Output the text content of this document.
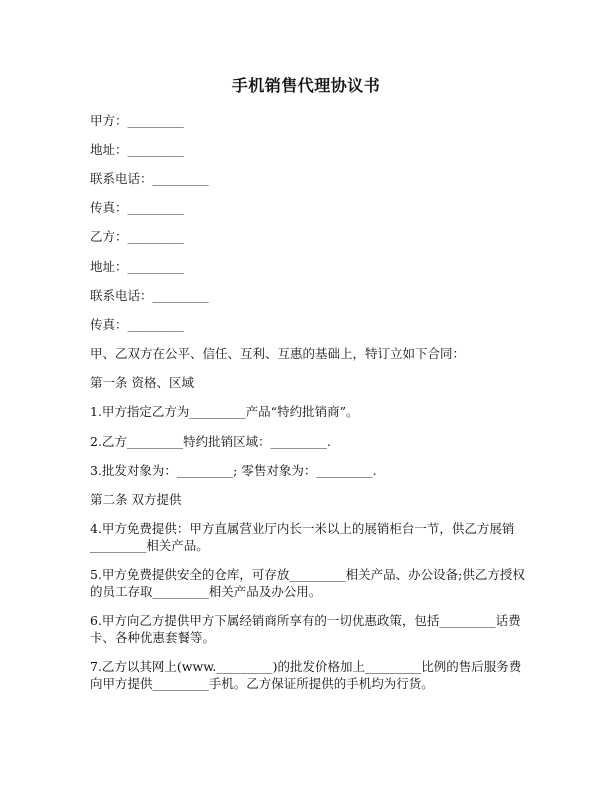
手机销售代理协议书

甲方：_________

地址：_________

联系电话：_________

传真：_________

乙方：_________

地址：_________

联系电话：_________

传真：_________

甲、乙双方在公平、信任、互利、互惠的基础上，特订立如下合同：

第一条 资格、区域

1.甲方指定乙方为_________产品“特约批销商”。

2.乙方_________特约批销区域：_________.

3.批发对象为：_________; 零售对象为：_________.

第二条 双方提供

4.甲方免费提供：甲方直属营业厅内长一米以上的展销柜台一节，供乙方展销_________相关产品。

5.甲方免费提供安全的仓库，可存放_________相关产品、办公设备;供乙方授权的员工存取_________相关产品及办公用。

6.甲方向乙方提供甲方下属经销商所享有的一切优惠政策，包括_________话费卡、各种优惠套餐等。

7.乙方以其网上(www._________)的批发价格加上_________比例的售后服务费向甲方提供_________手机。乙方保证所提供的手机均为行货。
